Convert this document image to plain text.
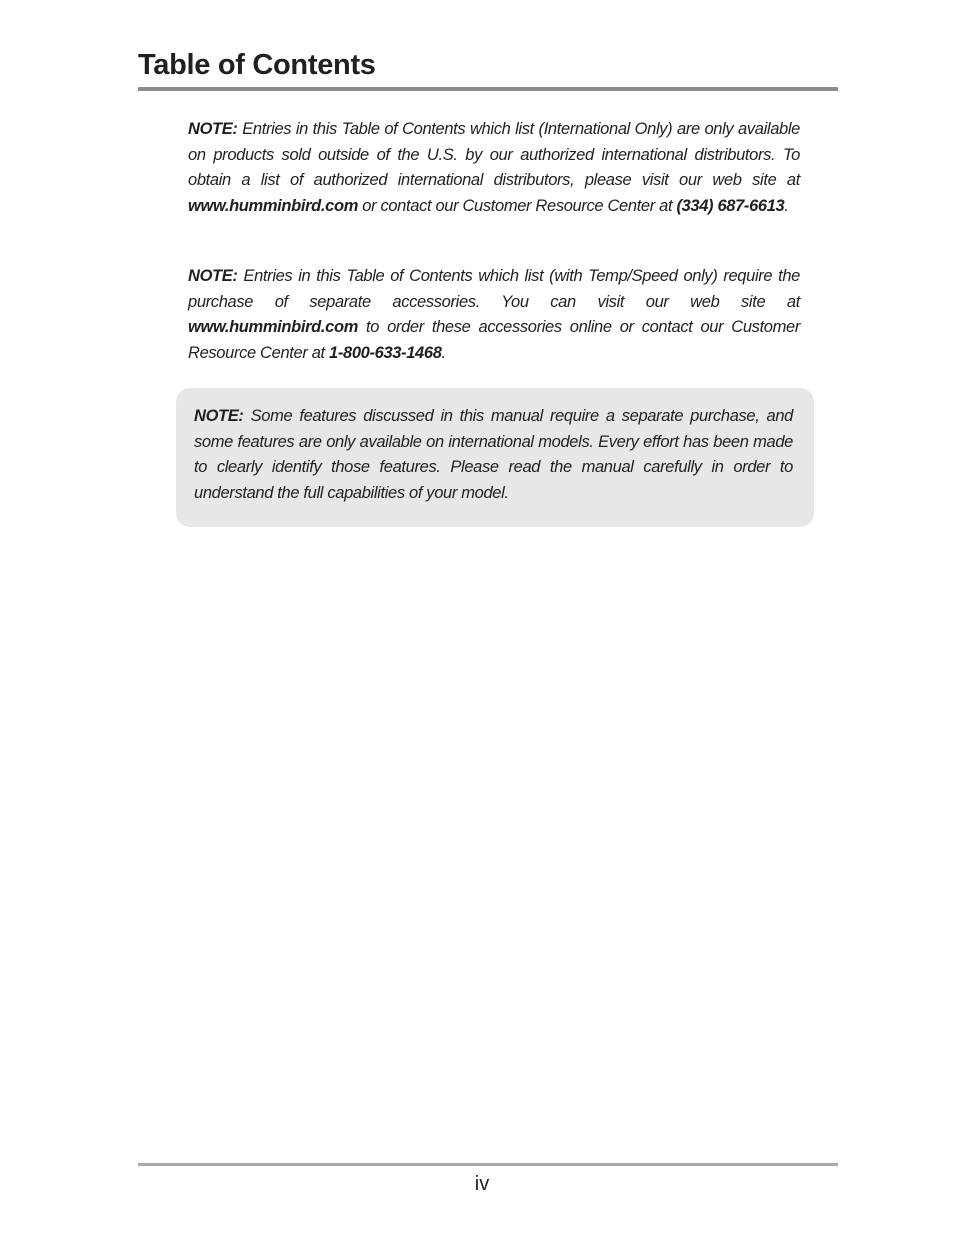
Table of Contents

NOTE: Entries in this Table of Contents which list (International Only) are only available on products sold outside of the U.S. by our authorized international distributors. To obtain a list of authorized international distributors, please visit our web site at www.humminbird.com or contact our Customer Resource Center at (334) 687-6613.

NOTE: Entries in this Table of Contents which list (with Temp/Speed only) require the purchase of separate accessories. You can visit our web site at www.humminbird.com to order these accessories online or contact our Customer Resource Center at 1-800-633-1468.

NOTE: Some features discussed in this manual require a separate purchase, and some features are only available on international models. Every effort has been made to clearly identify those features. Please read the manual carefully in order to understand the full capabilities of your model.

iv
